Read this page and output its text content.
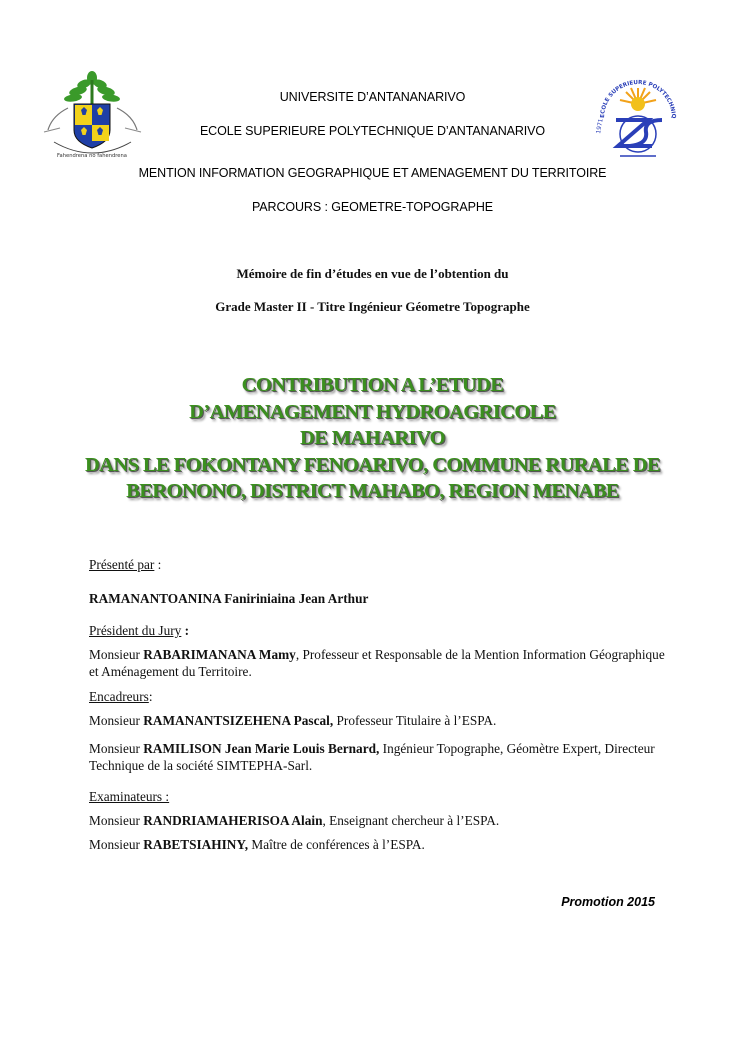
Fahendrena no fahendrena
ECOLE SUPERIEURE POLYTECHNIQ
1971
UNIVERSITE D’ANTANANARIVO
ECOLE SUPERIEURE POLYTECHNIQUE D’ANTANANARIVO
MENTION INFORMATION GEOGRAPHIQUE ET AMENAGEMENT DU TERRITOIRE
PARCOURS : GEOMETRE-TOPOGRAPHE
Mémoire de fin d’études en vue de l’obtention du
Grade Master II - Titre Ingénieur Géometre Topographe
CONTRIBUTION A L’ETUDE
D’AMENAGEMENT HYDROAGRICOLE
DE MAHARIVO
DANS LE FOKONTANY FENOARIVO, COMMUNE RURALE DE
BERONONO, DISTRICT MAHABO, REGION MENABE
Présenté par :
RAMANANTOANINA Faniriniaina Jean Arthur
Président du Jury :
Monsieur RABARIMANANA Mamy, Professeur et Responsable de la Mention Information Géographique et Aménagement du Territoire.
Encadreurs:
Monsieur RAMANANTSIZEHENA Pascal, Professeur Titulaire à l’ESPA.
Monsieur RAMILISON Jean Marie Louis Bernard, Ingénieur Topographe, Géomètre Expert, Directeur Technique de la société SIMTEPHA-Sarl.
Examinateurs :
Monsieur RANDRIAMAHERISOA Alain, Enseignant chercheur à l’ESPA.
Monsieur RABETSIAHINY, Maître de conférences à l’ESPA.
Promotion 2015
